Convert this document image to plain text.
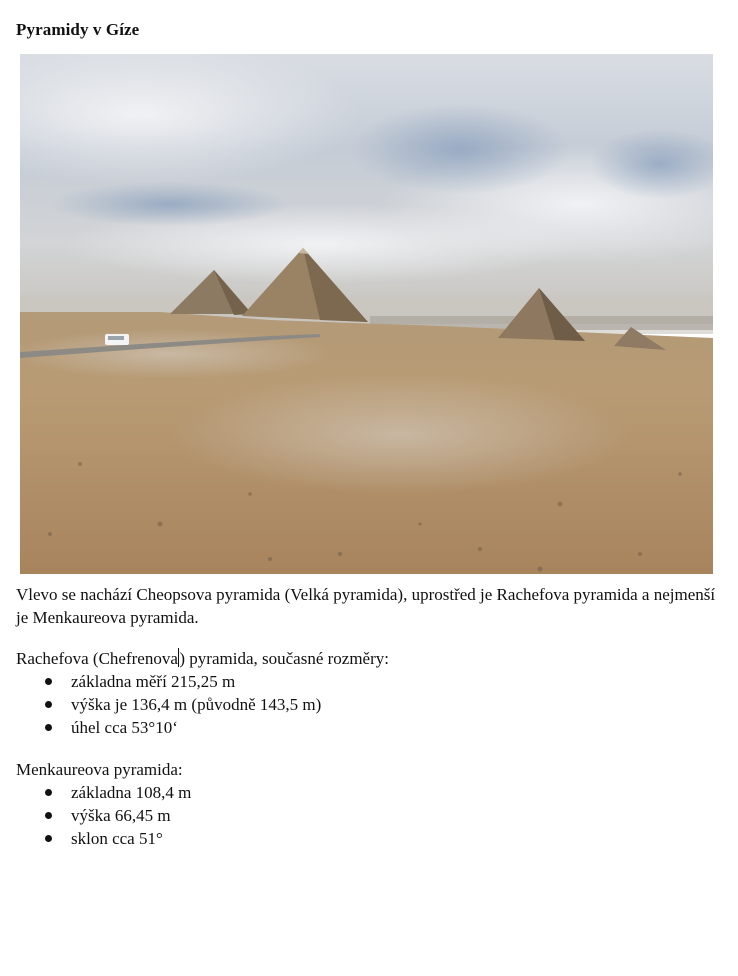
Pyramidy v Gíze
Vlevo se nachází Cheopsova pyramida (Velká pyramida), uprostřed je Rachefova pyramida a nejmenší je Menkaureova pyramida.
Rachefova (Chefrenova) pyramida, současné rozměry:
základna měří 215,25 m
výška je 136,4 m (původně 143,5 m)
úhel cca 53°10‘
Menkaureova pyramida:
základna 108,4 m
výška 66,45 m
sklon cca 51°
